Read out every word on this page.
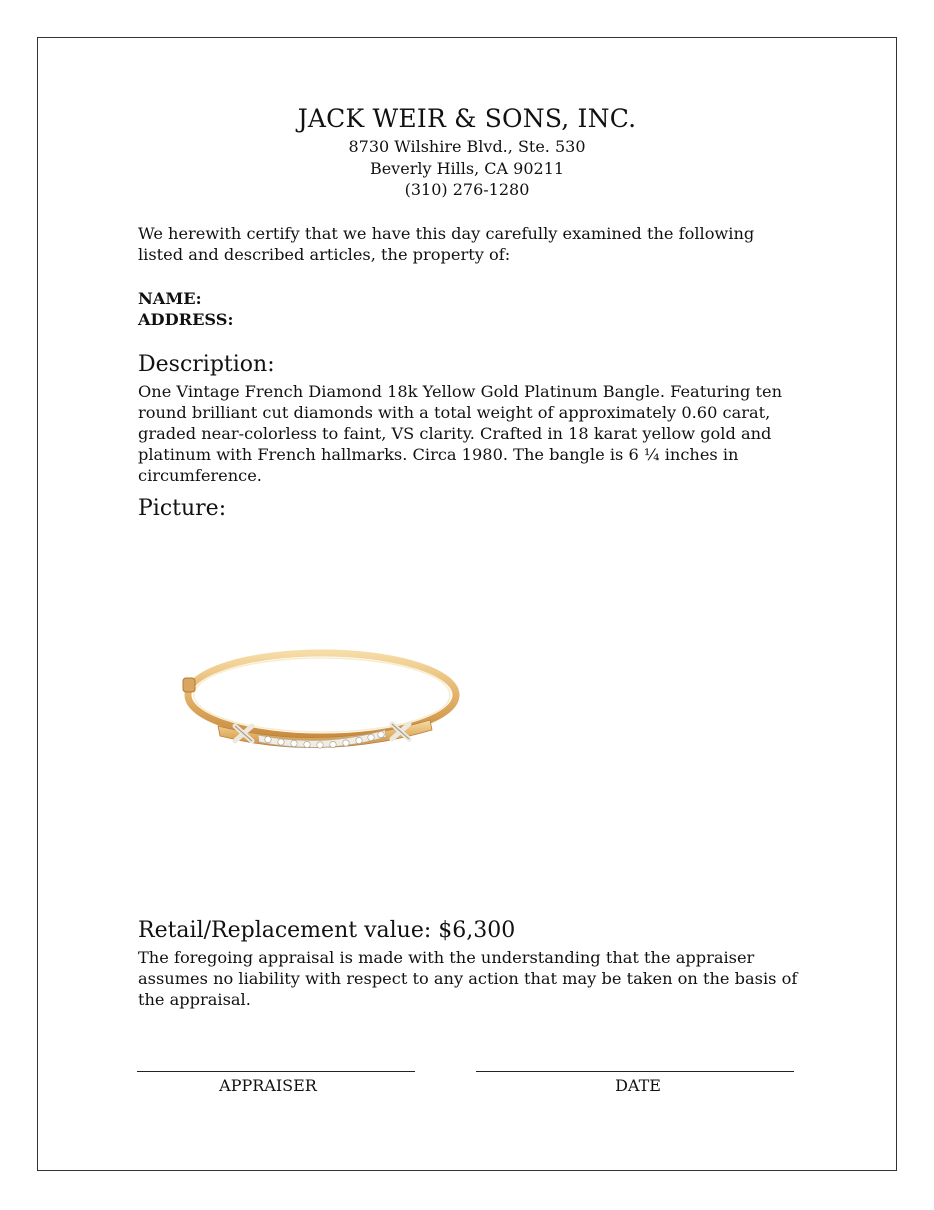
JACK WEIR & SONS, INC.
8730 Wilshire Blvd., Ste. 530
Beverly Hills, CA 90211
(310) 276-1280
We herewith certify that we have this day carefully examined the following listed and described articles, the property of:
NAME:
ADDRESS:
Description:
One Vintage French Diamond 18k Yellow Gold Platinum Bangle. Featuring ten round brilliant cut diamonds with a total weight of approximately 0.60 carat, graded near-colorless to faint, VS clarity. Crafted in 18 karat yellow gold and platinum with French hallmarks. Circa 1980. The bangle is 6 ¼ inches in circumference.
Picture:
Retail/Replacement value: $6,300
The foregoing appraisal is made with the understanding that the appraiser assumes no liability with respect to any action that may be taken on the basis of the appraisal.
APPRAISER	DATE
